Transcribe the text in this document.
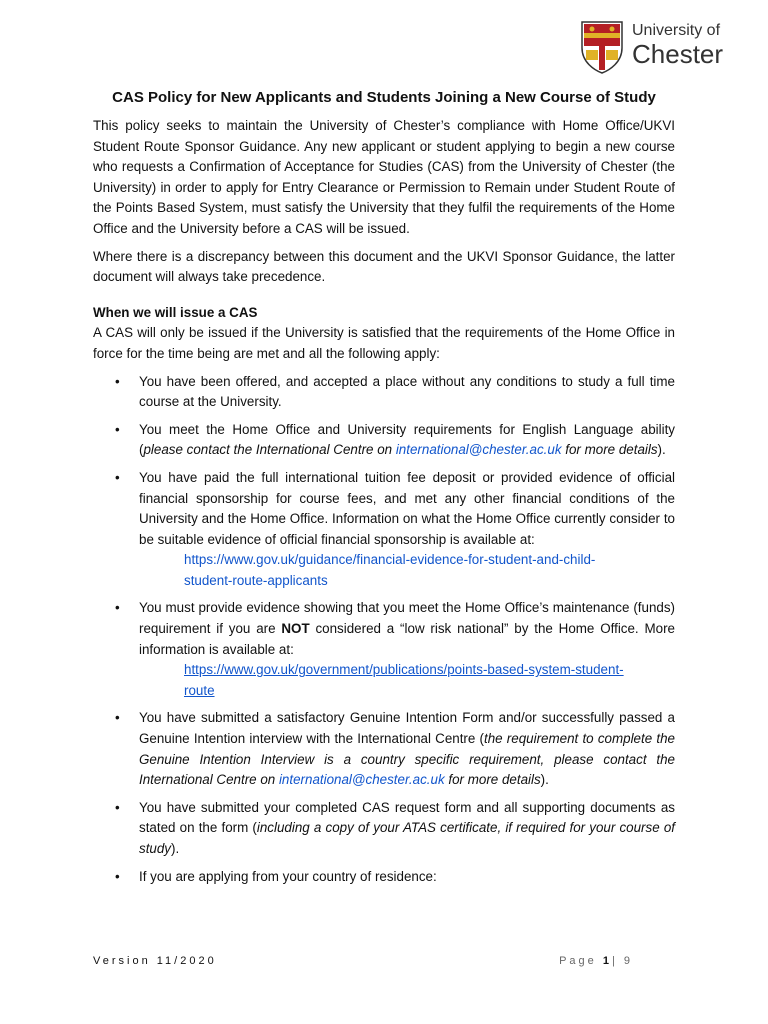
University of
Chester
CAS Policy for New Applicants and Students Joining a New Course of Study

This policy seeks to maintain the University of Chester’s compliance with Home Office/UKVI Student Route Sponsor Guidance. Any new applicant or student applying to begin a new course who requests a Confirmation of Acceptance for Studies (CAS) from the University of Chester (the University) in order to apply for Entry Clearance or Permission to Remain under Student Route of the Points Based System, must satisfy the University that they fulfil the requirements of the Home Office and the University before a CAS will be issued.

Where there is a discrepancy between this document and the UKVI Sponsor Guidance, the latter document will always take precedence.

When we will issue a CAS

A CAS will only be issued if the University is satisfied that the requirements of the Home Office in force for the time being are met and all the following apply:

• You have been offered, and accepted a place without any conditions to study a full time course at the University.
• You meet the Home Office and University requirements for English Language ability (please contact the International Centre on international@chester.ac.uk for more details).
• You have paid the full international tuition fee deposit or provided evidence of official financial sponsorship for course fees, and met any other financial conditions of the University and the Home Office. Information on what the Home Office currently consider to be suitable evidence of official financial sponsorship is available at:
https://www.gov.uk/guidance/financial-evidence-for-student-and-child-
student-route-applicants
• You must provide evidence showing that you meet the Home Office’s maintenance (funds) requirement if you are NOT considered a “low risk national” by the Home Office. More information is available at:
https://www.gov.uk/government/publications/points-based-system-student-
route
• You have submitted a satisfactory Genuine Intention Form and/or successfully passed a Genuine Intention interview with the International Centre (the requirement to complete the Genuine Intention Interview is a country specific requirement, please contact the International Centre on international@chester.ac.uk for more details).
• You have submitted your completed CAS request form and all supporting documents as stated on the form (including a copy of your ATAS certificate, if required for your course of study).
• If you are applying from your country of residence:
Version 11/2020	Page 1| 9
